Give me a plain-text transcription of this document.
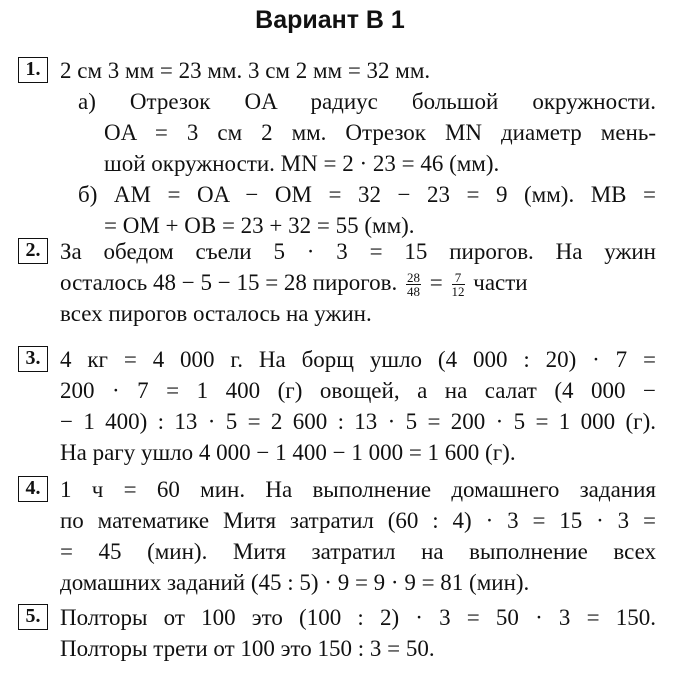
Вариант В 1
1. 2 см 3 мм = 23 мм. 3 см 2 мм = 32 мм.
а) Отрезок OA радиус большой окружности.
OA = 3 см 2 мм. Отрезок MN диаметр мень-
шой окружности. MN = 2 · 23 = 46 (мм).
б) AM = OA − OM = 32 − 23 = 9 (мм). MB =
= OM + OB = 23 + 32 = 55 (мм).
2. За обедом съели 5 · 3 = 15 пирогов. На ужин
осталось 48 − 5 − 15 = 28 пирогов. $\frac{28}{48} = \frac{7}{12}$ части
всех пирогов осталось на ужин.
3. 4 кг = 4 000 г. На борщ ушло (4 000 : 20) · 7 =
200 · 7 = 1 400 (г) овощей, а на салат (4 000 −
− 1 400) : 13 · 5 = 2 600 : 13 · 5 = 200 · 5 = 1 000 (г).
На рагу ушло 4 000 − 1 400 − 1 000 = 1 600 (г).
4. 1 ч = 60 мин. На выполнение домашнего задания
по математике Митя затратил (60 : 4) · 3 = 15 · 3 =
= 45 (мин). Митя затратил на выполнение всех
домашних заданий (45 : 5) · 9 = 9 · 9 = 81 (мин).
5. Полторы от 100 это (100 : 2) · 3 = 50 · 3 = 150.
Полторы трети от 100 это 150 : 3 = 50.
